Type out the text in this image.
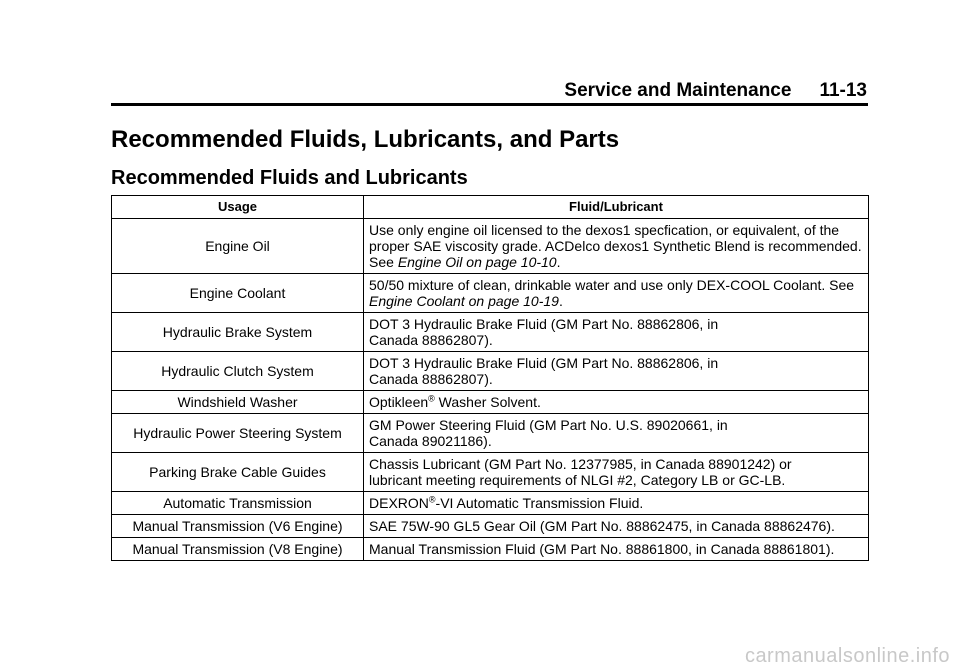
Service and Maintenance 11-13
Recommended Fluids, Lubricants, and Parts
Recommended Fluids and Lubricants
Usage	Fluid/Lubricant
Engine Oil	Use only engine oil licensed to the dexos1 specfication, or equivalent, of the proper SAE viscosity grade. ACDelco dexos1 Synthetic Blend is recommended. See Engine Oil on page 10-10.
Engine Coolant	50/50 mixture of clean, drinkable water and use only DEX-COOL Coolant. See Engine Coolant on page 10-19.
Hydraulic Brake System	DOT 3 Hydraulic Brake Fluid (GM Part No. 88862806, in
Canada 88862807).
Hydraulic Clutch System	DOT 3 Hydraulic Brake Fluid (GM Part No. 88862806, in
Canada 88862807).
Windshield Washer	Optikleen® Washer Solvent.
Hydraulic Power Steering System	GM Power Steering Fluid (GM Part No. U.S. 89020661, in
Canada 89021186).
Parking Brake Cable Guides	Chassis Lubricant (GM Part No. 12377985, in Canada 88901242) or
lubricant meeting requirements of NLGI #2, Category LB or GC-LB.
Automatic Transmission	DEXRON®-VI Automatic Transmission Fluid.
Manual Transmission (V6 Engine)	SAE 75W-90 GL5 Gear Oil (GM Part No. 88862475, in Canada 88862476).
Manual Transmission (V8 Engine)	Manual Transmission Fluid (GM Part No. 88861800, in Canada 88861801).
carmanualsonline.info
